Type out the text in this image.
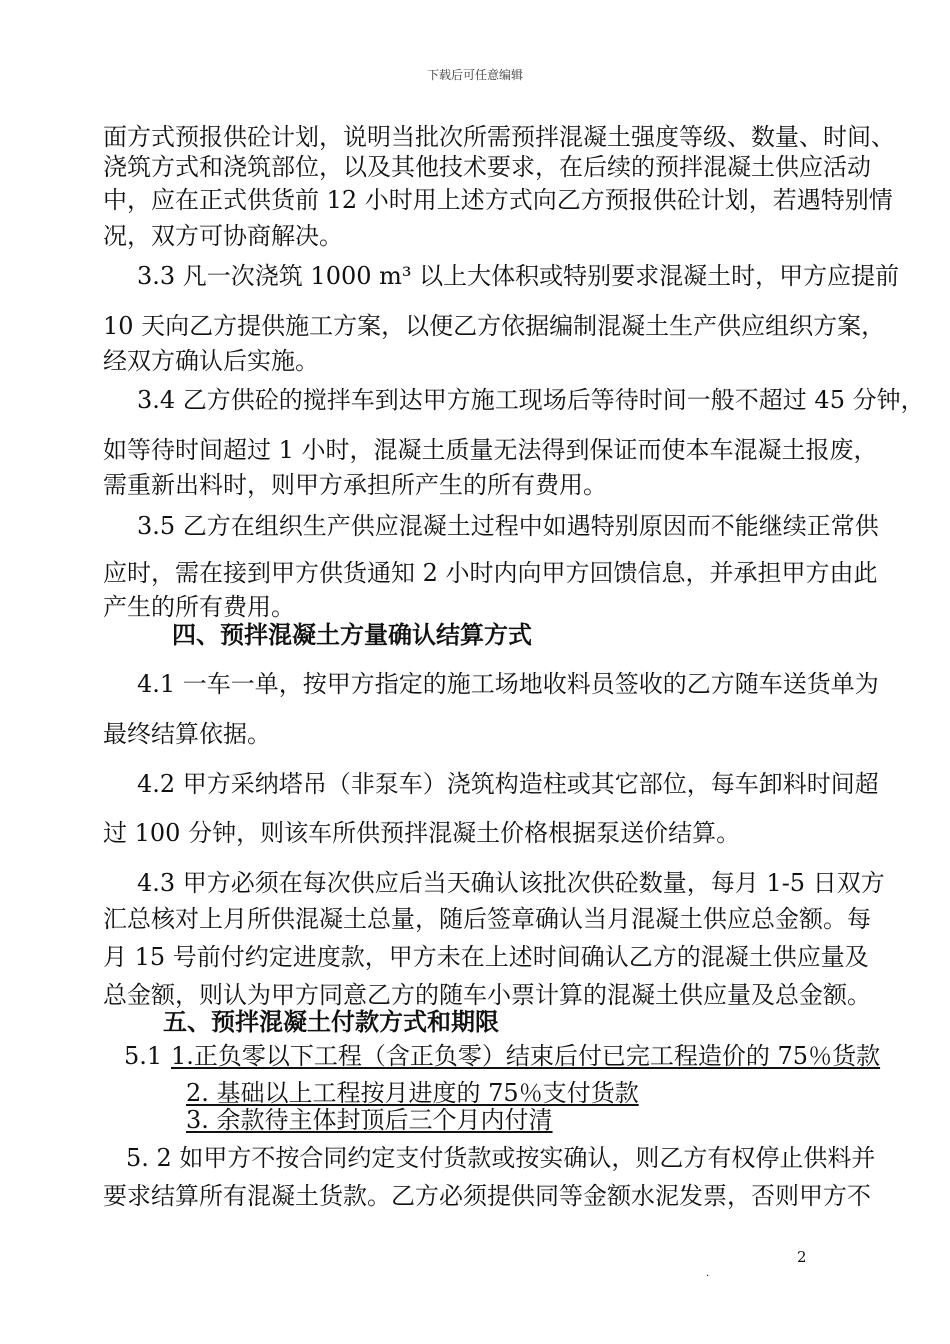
下载后可任意编辑
面方式预报供砼计划，说明当批次所需预拌混凝土强度等级、数量、时间、
浇筑方式和浇筑部位，以及其他技术要求，在后续的预拌混凝土供应活动
中，应在正式供货前 12 小时用上述方式向乙方预报供砼计划，若遇特别情
况，双方可协商解决。
3.3 凡一次浇筑 1000 m³ 以上大体积或特别要求混凝土时，甲方应提前
10 天向乙方提供施工方案，以便乙方依据编制混凝土生产供应组织方案，
经双方确认后实施。
3.4 乙方供砼的搅拌车到达甲方施工现场后等待时间一般不超过 45 分钟，
如等待时间超过 1 小时，混凝土质量无法得到保证而使本车混凝土报废，
需重新出料时，则甲方承担所产生的所有费用。
3.5 乙方在组织生产供应混凝土过程中如遇特别原因而不能继续正常供
应时，需在接到甲方供货通知 2 小时内向甲方回馈信息，并承担甲方由此
产生的所有费用。
四、预拌混凝土方量确认结算方式
4.1 一车一单，按甲方指定的施工场地收料员签收的乙方随车送货单为
最终结算依据。
4.2 甲方采纳塔吊（非泵车）浇筑构造柱或其它部位，每车卸料时间超
过 100 分钟，则该车所供预拌混凝土价格根据泵送价结算。
4.3 甲方必须在每次供应后当天确认该批次供砼数量，每月 1-5 日双方
汇总核对上月所供混凝土总量，随后签章确认当月混凝土供应总金额。每
月 15 号前付约定进度款，甲方未在上述时间确认乙方的混凝土供应量及
总金额，则认为甲方同意乙方的随车小票计算的混凝土供应量及总金额。
五、预拌混凝土付款方式和期限
5.1
1.正负零以下工程（含正负零）结束后付已完工程造价的 75％货款
2. 基础以上工程按月进度的 75％支付货款
3. 余款待主体封顶后三个月内付清
5. 2 如甲方不按合同约定支付货款或按实确认，则乙方有权停止供料并
要求结算所有混凝土货款。乙方必须提供同等金额水泥发票，否则甲方不
2
.
